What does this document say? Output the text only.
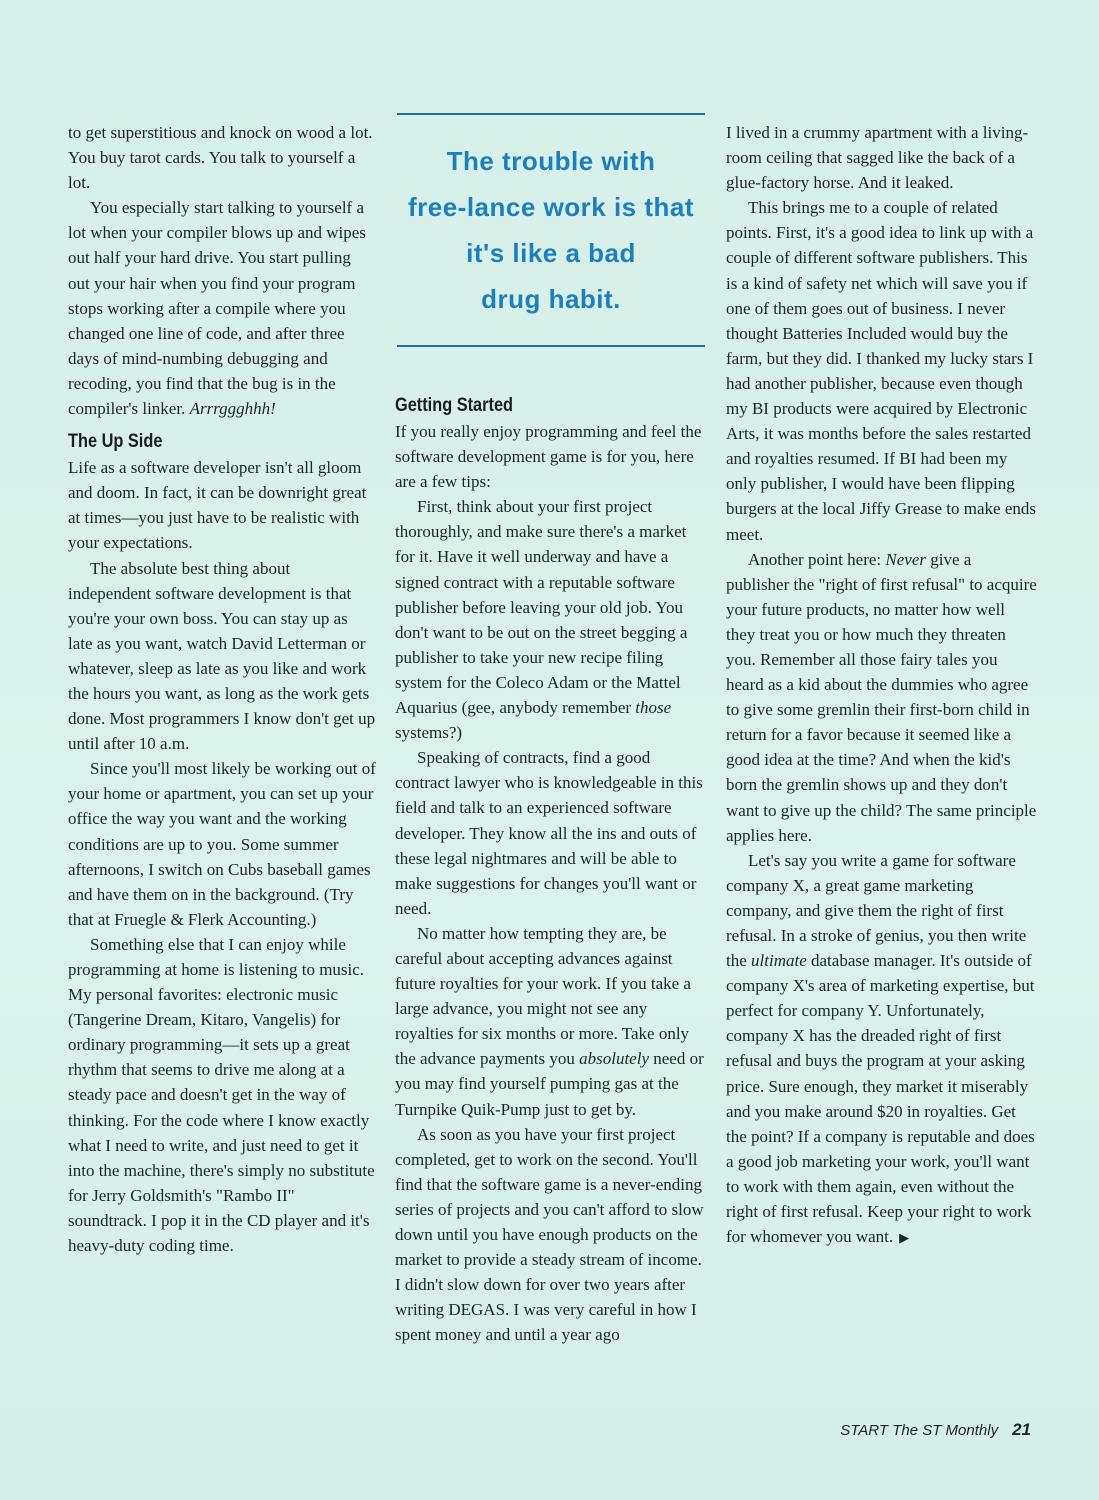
to get superstitious and knock on wood a lot. You buy tarot cards. You talk to yourself a lot.

You especially start talking to yourself a lot when your compiler blows up and wipes out half your hard drive. You start pulling out your hair when you find your program stops working after a compile where you changed one line of code, and after three days of mind-numbing debugging and recoding, you find that the bug is in the compiler's linker. Arrrggghhh!

The Up Side

Life as a software developer isn't all gloom and doom. In fact, it can be downright great at times—you just have to be realistic with your expectations.

The absolute best thing about independent software development is that you're your own boss. You can stay up as late as you want, watch David Letterman or whatever, sleep as late as you like and work the hours you want, as long as the work gets done. Most programmers I know don't get up until after 10 a.m.

Since you'll most likely be working out of your home or apartment, you can set up your office the way you want and the working conditions are up to you. Some summer afternoons, I switch on Cubs baseball games and have them on in the background. (Try that at Fruegle & Flerk Accounting.)

Something else that I can enjoy while programming at home is listening to music. My personal favorites: electronic music (Tangerine Dream, Kitaro, Vangelis) for ordinary programming—it sets up a great rhythm that seems to drive me along at a steady pace and doesn't get in the way of thinking. For the code where I know exactly what I need to write, and just need to get it into the machine, there's simply no substitute for Jerry Goldsmith's "Rambo II" soundtrack. I pop it in the CD player and it's heavy-duty coding time.

The trouble with
free-lance work is that
it's like a bad
drug habit.

Getting Started

If you really enjoy programming and feel the software development game is for you, here are a few tips:

First, think about your first project thoroughly, and make sure there's a market for it. Have it well underway and have a signed contract with a reputable software publisher before leaving your old job. You don't want to be out on the street begging a publisher to take your new recipe filing system for the Coleco Adam or the Mattel Aquarius (gee, anybody remember those systems?)

Speaking of contracts, find a good contract lawyer who is knowledgeable in this field and talk to an experienced software developer. They know all the ins and outs of these legal nightmares and will be able to make suggestions for changes you'll want or need.

No matter how tempting they are, be careful about accepting advances against future royalties for your work. If you take a large advance, you might not see any royalties for six months or more. Take only the advance payments you absolutely need or you may find yourself pumping gas at the Turnpike Quik-Pump just to get by.

As soon as you have your first project completed, get to work on the second. You'll find that the software game is a never-ending series of projects and you can't afford to slow down until you have enough products on the market to provide a steady stream of income. I didn't slow down for over two years after writing DEGAS. I was very careful in how I spent money and until a year ago

I lived in a crummy apartment with a living-room ceiling that sagged like the back of a glue-factory horse. And it leaked.

This brings me to a couple of related points. First, it's a good idea to link up with a couple of different software publishers. This is a kind of safety net which will save you if one of them goes out of business. I never thought Batteries Included would buy the farm, but they did. I thanked my lucky stars I had another publisher, because even though my BI products were acquired by Electronic Arts, it was months before the sales restarted and royalties resumed. If BI had been my only publisher, I would have been flipping burgers at the local Jiffy Grease to make ends meet.

Another point here: Never give a publisher the "right of first refusal" to acquire your future products, no matter how well they treat you or how much they threaten you. Remember all those fairy tales you heard as a kid about the dummies who agree to give some gremlin their first-born child in return for a favor because it seemed like a good idea at the time? And when the kid's born the gremlin shows up and they don't want to give up the child? The same principle applies here.

Let's say you write a game for software company X, a great game marketing company, and give them the right of first refusal. In a stroke of genius, you then write the ultimate database manager. It's outside of company X's area of marketing expertise, but perfect for company Y. Unfortunately, company X has the dreaded right of first refusal and buys the program at your asking price. Sure enough, they market it miserably and you make around $20 in royalties. Get the point? If a company is reputable and does a good job marketing your work, you'll want to work with them again, even without the right of first refusal. Keep your right to work for whomever you want. ▶

START The ST Monthly 21
